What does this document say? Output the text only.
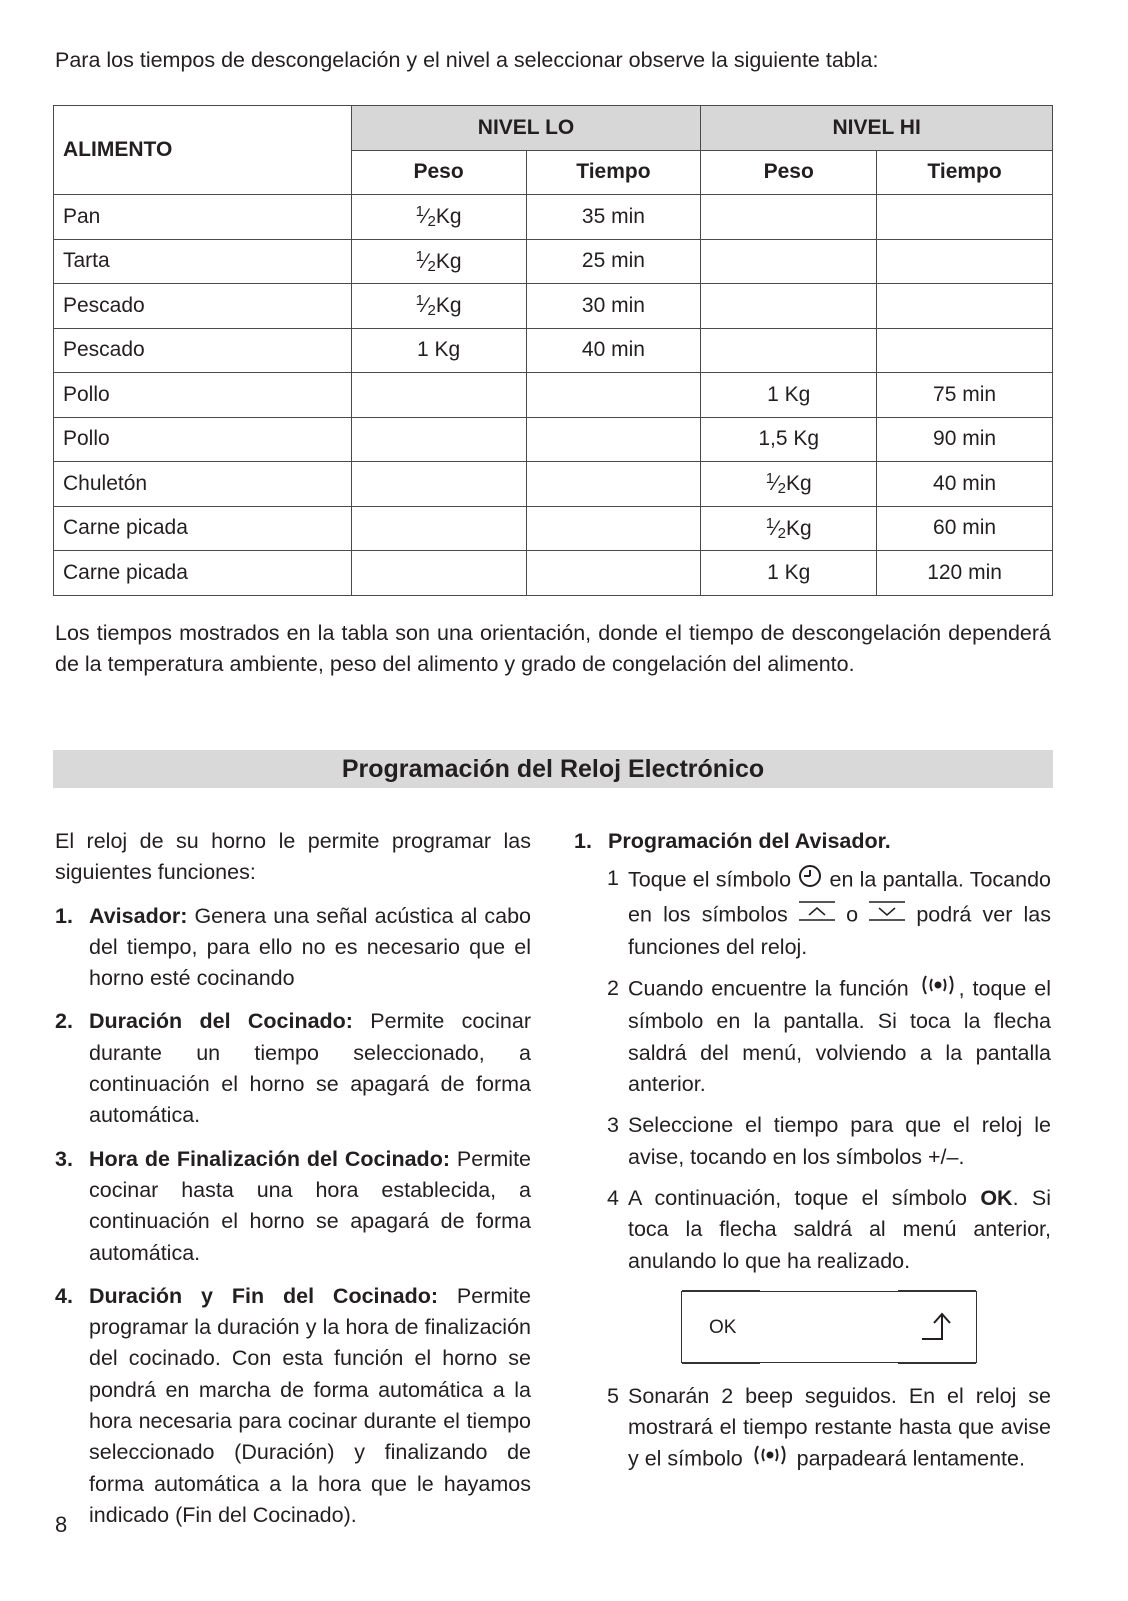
Para los tiempos de descongelación y el nivel a seleccionar observe la siguiente tabla:

ALIMENTO	NIVEL LO		NIVEL HI	
	Peso	Tiempo	Peso	Tiempo
Pan	$^1⁄_2Kg$	35 min		
Tarta	$^1⁄_2Kg$	25 min		
Pescado	$^1⁄_2Kg$	30 min		
Pescado	1 Kg	40 min		
Pollo			1 Kg	75 min
Pollo			1,5 Kg	90 min
Chuletón			$^1⁄_2Kg$	40 min
Carne picada			$^1⁄_2Kg$	60 min
Carne picada			1 Kg	120 min

Los tiempos mostrados en la tabla son una orientación, donde el tiempo de descongelación dependerá de la temperatura ambiente, peso del alimento y grado de congelación del alimento.

Programación del Reloj Electrónico

El reloj de su horno le permite programar las siguientes funciones:

1. Avisador: Genera una señal acústica al cabo del tiempo, para ello no es necesario que el horno esté cocinando
2. Duración del Cocinado: Permite cocinar durante un tiempo seleccionado, a continuación el horno se apagará de forma automática.
3. Hora de Finalización del Cocinado: Permite cocinar hasta una hora establecida, a continuación el horno se apagará de forma automática.
4. Duración y Fin del Cocinado: Permite programar la duración y la hora de finalización del cocinado. Con esta función el horno se pondrá en marcha de forma automática a la hora necesaria para cocinar durante el tiempo seleccionado (Duración) y finalizando de forma automática a la hora que le hayamos indicado (Fin del Cocinado).
1. Programación del Avisador.
1 Toque el símbolo  en la pantalla. Tocando en los símbolos  o  podrá ver las funciones del reloj.
2 Cuando encuentre la función , toque el símbolo en la pantalla. Si toca la flecha saldrá del menú, volviendo a la pantalla anterior.
3 Seleccione el tiempo para que el reloj le avise, tocando en los símbolos +/–.
4 A continuación, toque el símbolo OK. Si toca la flecha saldrá al menú anterior, anulando lo que ha realizado.
OK
5 Sonarán 2 beep seguidos. En el reloj se mostrará el tiempo restante hasta que avise y el símbolo  parpadeará lentamente.
8
